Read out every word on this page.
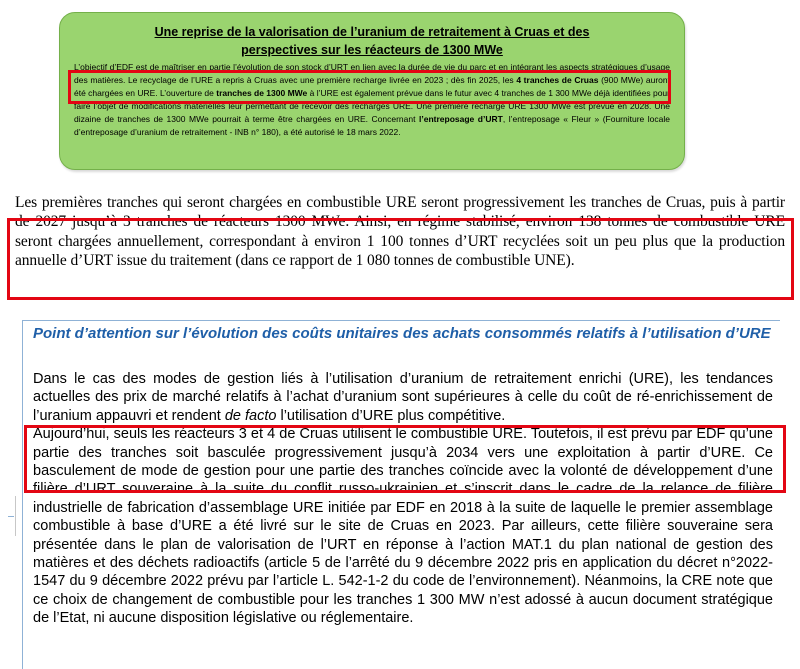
Une reprise de la valorisation de l’uranium de retraitement à Cruas et des
perspectives sur les réacteurs de 1300 MWe
L’objectif d’EDF est de maîtriser en partie l’évolution de son stock d’URT en lien avec la durée de vie du parc et en intégrant les aspects stratégiques d’usage des matières. Le recyclage de l’URE a repris à Cruas avec une première recharge livrée en 2023 ; dès fin 2025, les 4 tranches de Cruas (900 MWe) auront été chargées en URE. L’ouverture de tranches de 1300 MWe à l’URE est également prévue dans le futur avec 4 tranches de 1 300 MWe déjà identifiées pour faire l’objet de modifications matérielles leur permettant de recevoir des recharges URE. Une première recharge URE 1300 MWe est prévue en 2028. Une dizaine de tranches de 1300 MWe pourrait à terme être chargées en URE. Concernant l’entreposage d’URT, l’entreposage « Fleur » (Fourniture locale d’entreposage d’uranium de retraitement - INB n° 180), a été autorisé le 18 mars 2022.
Les premières tranches qui seront chargées en combustible URE seront progressivement les tranches de Cruas, puis à partir de 2027 jusqu’à 3 tranches de réacteurs 1300 MWe. Ainsi, en régime stabilisé, environ 138 tonnes de combustible URE seront chargées annuellement, correspondant à environ 1 100 tonnes d’URT recyclées soit un peu plus que la production annuelle d’URT issue du traitement (dans ce rapport de 1 080 tonnes de combustible UNE).
Point d’attention sur l’évolution des coûts unitaires des achats consommés relatifs à l’utilisation d’URE

Dans le cas des modes de gestion liés à l’utilisation d’uranium de retraitement enrichi (URE), les tendances actuelles des prix de marché relatifs à l’achat d’uranium sont supérieures à celle du coût de ré-enrichissement de l’uranium appauvri et rendent de facto l’utilisation d’URE plus compétitive.

Aujourd’hui, seuls les réacteurs 3 et 4 de Cruas utilisent le combustible URE. Toutefois, il est prévu par EDF qu’une partie des tranches soit basculée progressivement jusqu’à 2034 vers une exploitation à partir d’URE. Ce basculement de mode de gestion pour une partie des tranches coïncide avec la volonté de développement d’une filière d’URT souveraine à la suite du conflit russo-ukrainien et s’inscrit dans le cadre de la relance de filière industrielle de fabrication d’assemblage URE initiée par EDF en 2018 à la suite de laquelle le premier assemblage combustible à base d’URE a été livré sur le site de Cruas en 2023. Par ailleurs, cette filière souveraine sera présentée dans le plan de valorisation de l’URT en réponse à l’action MAT.1 du plan national de gestion des matières et des déchets radioactifs (article 5 de l’arrêté du 9 décembre 2022 pris en application du décret n°2022-1547 du 9 décembre 2022 prévu par l’article L. 542-1-2 du code de l’environnement). Néanmoins, la CRE note que ce choix de changement de combustible pour les tranches 1 300 MW n’est adossé à aucun document stratégique de l’Etat, ni aucune disposition législative ou réglementaire.
